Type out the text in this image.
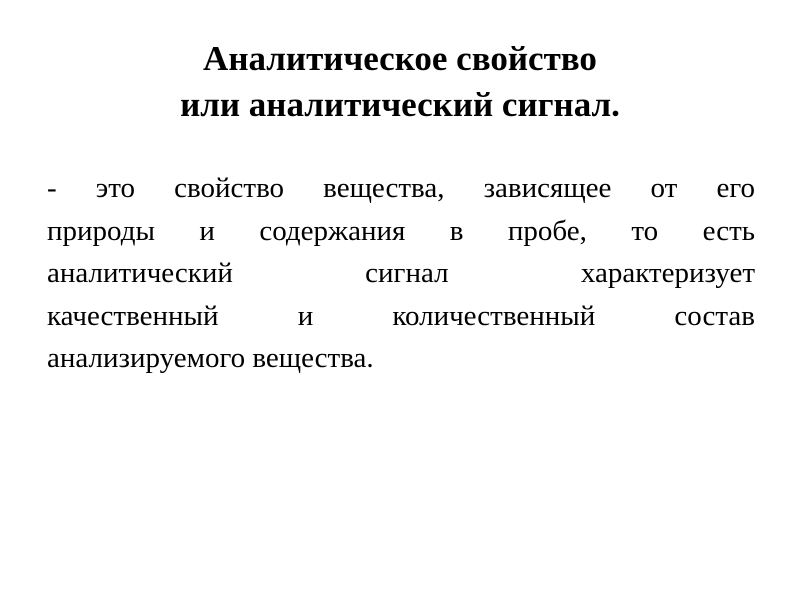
Аналитическое свойство
или аналитический сигнал.
- это свойство вещества, зависящее от его
природы и содержания в пробе, то есть
аналитический сигнал характеризует
качественный и количественный состав
анализируемого вещества.
